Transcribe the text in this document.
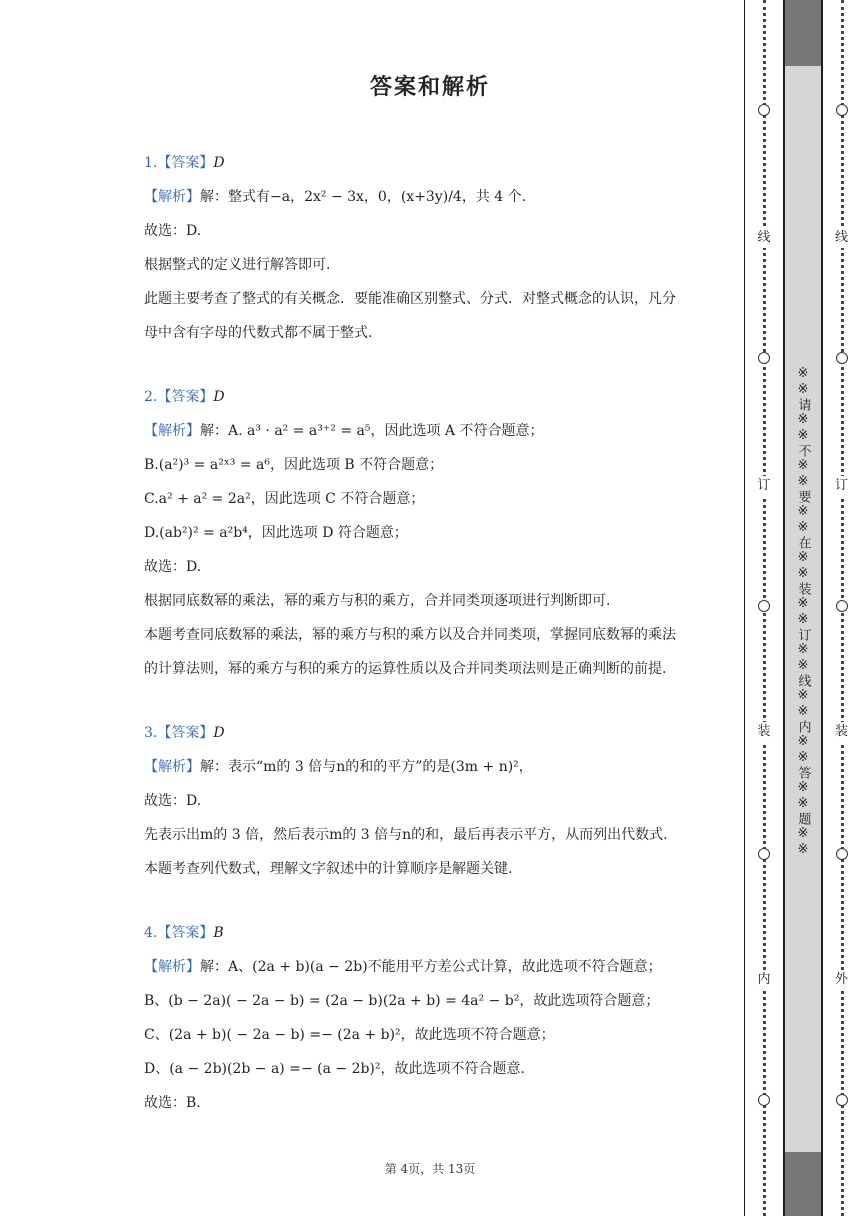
答案和解析
1.【答案】D
【解析】解：整式有−a，2x² − 3x，0，(x+3y)/4，共 4 个.
故选：D.
根据整式的定义进行解答即可.
此题主要考查了整式的有关概念．要能准确区别整式、分式．对整式概念的认识，凡分
母中含有字母的代数式都不属于整式.
2.【答案】D
【解析】解：A. a³ · a² = a³⁺² = a⁵，因此选项 A 不符合题意；
B.(a²)³ = a²ˣ³ = a⁶，因此选项 B 不符合题意；
C.a² + a² = 2a²，因此选项 C 不符合题意；
D.(ab²)² = a²b⁴，因此选项 D 符合题意；
故选：D.
根据同底数幂的乘法，幂的乘方与积的乘方，合并同类项逐项进行判断即可.
本题考查同底数幂的乘法，幂的乘方与积的乘方以及合并同类项，掌握同底数幂的乘法
的计算法则，幂的乘方与积的乘方的运算性质以及合并同类项法则是正确判断的前提.
3.【答案】D
【解析】解：表示“m的 3 倍与n的和的平方”的是(3m + n)²，
故选：D.
先表示出m的 3 倍，然后表示m的 3 倍与n的和，最后再表示平方，从而列出代数式.
本题考查列代数式，理解文字叙述中的计算顺序是解题关键.
4.【答案】B
【解析】解：A、(2a + b)(a − 2b)不能用平方差公式计算，故此选项不符合题意；
B、(b − 2a)( − 2a − b) = (2a − b)(2a + b) = 4a² − b²，故此选项符合题意；
C、(2a + b)( − 2a − b) =− (2a + b)²，故此选项不符合题意；
D、(a − 2b)(2b − a) =− (a − 2b)²，故此选项不符合题意.
故选：B.
第 4页，共 13页
线
订
装
内
※※请※※不※※要※※在※※装※※订※※线※※内※※答※※题※※
线
订
装
外
